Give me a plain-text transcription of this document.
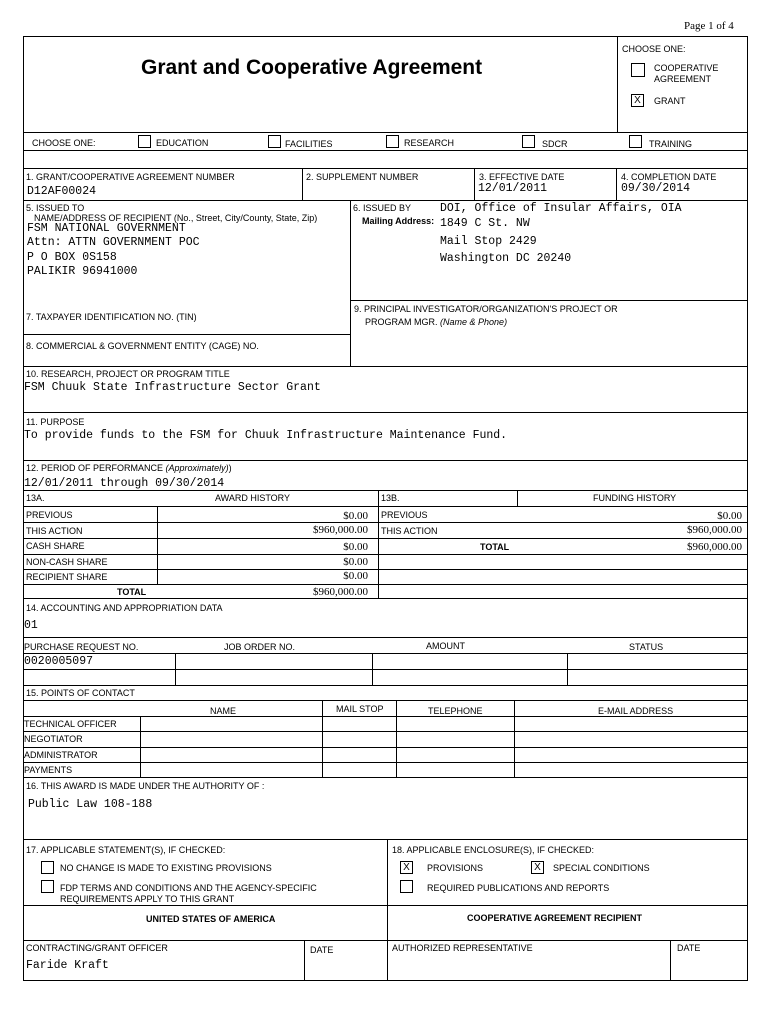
Page 1 of 4
Grant and Cooperative Agreement
CHOOSE ONE:
COOPERATIVE
AGREEMENT
X	GRANT
CHOOSE ONE:	EDUCATION	FACILITIES	RESEARCH	SDCR	TRAINING
1. GRANT/COOPERATIVE AGREEMENT NUMBER
D12AF00024
2. SUPPLEMENT NUMBER	3. EFFECTIVE DATE
12/01/2011
4. COMPLETION DATE
09/30/2014
5. ISSUED TO
NAME/ADDRESS OF RECIPIENT (No., Street, City/County, State, Zip)
FSM NATIONAL GOVERNMENT
Attn: ATTN GOVERNMENT POC
P O BOX 0S158
PALIKIR 96941000
6. ISSUED BY
Mailing Address:
DOI, Office of Insular Affairs, OIA
1849 C St. NW
Mail Stop 2429
Washington DC 20240
9. PRINCIPAL INVESTIGATOR/ORGANIZATION'S PROJECT OR
PROGRAM MGR. (Name & Phone)
7. TAXPAYER IDENTIFICATION NO. (TIN)
8. COMMERCIAL & GOVERNMENT ENTITY (CAGE) NO.
10. RESEARCH, PROJECT OR PROGRAM TITLE
FSM Chuuk State Infrastructure Sector Grant
11. PURPOSE
To provide funds to the FSM for Chuuk Infrastructure Maintenance Fund.
12. PERIOD OF PERFORMANCE (Approximately))
12/01/2011 through 09/30/2014
13A.	AWARD HISTORY	13B.	FUNDING HISTORY
PREVIOUS	$0.00
THIS ACTION	$960,000.00
CASH SHARE	$0.00
NON-CASH SHARE	$0.00
RECIPIENT SHARE	$0.00
TOTAL	$960,000.00
PREVIOUS	$0.00
THIS ACTION	$960,000.00
TOTAL	$960,000.00
14. ACCOUNTING AND APPROPRIATION DATA
01
PURCHASE REQUEST NO.	JOB ORDER NO.	AMOUNT	STATUS
0020005097
15. POINTS OF CONTACT
NAME	MAIL STOP	TELEPHONE	E-MAIL ADDRESS
TECHNICAL OFFICER
NEGOTIATOR
ADMINISTRATOR
PAYMENTS
16. THIS AWARD IS MADE UNDER THE AUTHORITY OF :
Public Law 108-188
17. APPLICABLE STATEMENT(S), IF CHECKED:
NO CHANGE IS MADE TO EXISTING PROVISIONS
FDP TERMS AND CONDITIONS AND THE AGENCY-SPECIFIC
REQUIREMENTS APPLY TO THIS GRANT
18. APPLICABLE ENCLOSURE(S), IF CHECKED:
X	PROVISIONS	X	SPECIAL CONDITIONS
REQUIRED PUBLICATIONS AND REPORTS
UNITED STATES OF AMERICA	COOPERATIVE AGREEMENT RECIPIENT
CONTRACTING/GRANT OFFICER	DATE	AUTHORIZED REPRESENTATIVE	DATE
Faride Kraft
